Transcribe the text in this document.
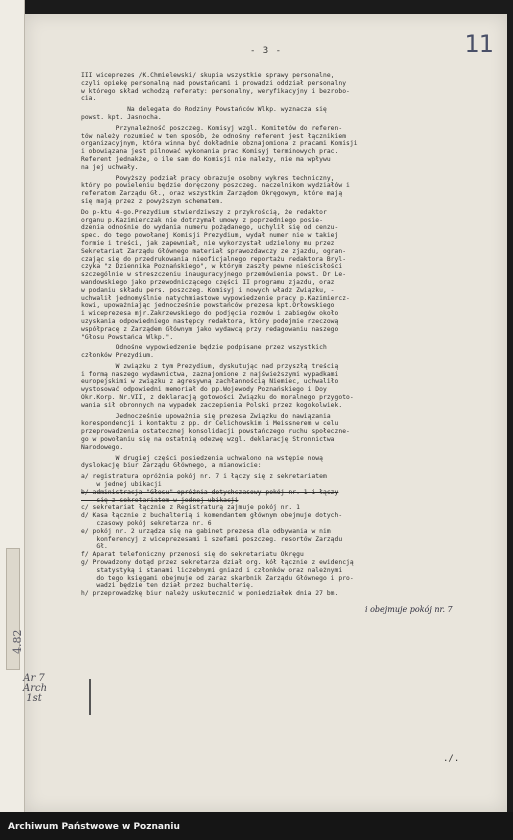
4.82
Ar 7 Arch 1st
11
- 3 -
III wiceprezes /K.Chmielewski/ skupia wszystkie sprawy personalne,
czyli opiekę personalną nad powstańcami i prowadzi oddział personalny
w którego skład wchodzą referaty: personalny, weryfikacyjny i bezrobo-
cia.
Na delegata do Rodziny Powstańców Wlkp. wyznacza się
powst. kpt. Jasnocha.
Przynależność poszczeg. Komisyj wzgl. Komitetów do referen-
tów należy rozumieć w ten sposób, że odnośny referent jest łącznikiem
organizacyjnym, która winna być dokładnie obznajomiona z pracami Komisji
i obowiązana jest pilnować wykonania prac Komisyj terminowych prac.
Referent jednakże, o ile sam do Komisji nie należy, nie ma wpływu
na jej uchwały.
Powyższy podział pracy obrazuje osobny wykres techniczny,
który po powieleniu będzie doręczony poszczeg. naczelnikom wydziałów i
referatom Zarządu Gł., oraz wszystkim Zarządom Okręgowym, które mają
się mają przez z powyższym schematem.
Do p-ktu 4-go.Prezydium stwierdziwszy z przykrością, że redaktor
organu p.Kazimierczak nie dotrzymał umowy z poprzedniego posie-
dzenia odnośnie do wydania numeru pożądanego, uchylił się od cenzu-
spec. do tego powołanej Komisji Prezydium, wydał numer nie w takiej
formie i treści, jak zapewniał, nie wykorzystał udzielony mu przez
Sekretariat Zarządu Głównego materiał sprawozdawczy ze zjazdu, ogran-
czając się do przedrukowania nieoficjalnego reportażu redaktora Bryl-
czyka "z Dziennika Poznańskiego", w którym zaszły pewne nieścisłości
szczególnie w streszczeniu inauguracyjnego przemówienia powst. Dr Le-
wandowskiego jako przewodniczącego części II programu zjazdu, oraz
w podaniu składu pers. poszczeg. Komisyj i nowych władz Związku, -
uchwalił jednomyślnie natychmiastowe wypowiedzenie pracy p.Kazimiercz-
kowi, upoważniając jednocześnie powstańców prezesa kpt.Orłowskiego
i wiceprezesa mjr.Zakrzewskiego do podjęcia rozmów i zabiegów około
uzyskania odpowiedniego następcy redaktora, który podejmie rzeczową
współpracę z Zarządem Głównym jako wydawcą przy redagowaniu naszego
"Głosu Powstańca Wlkp.".
Odnośne wypowiedzenie będzie podpisane przez wszystkich
członków Prezydium.
W związku z tym Prezydium, dyskutując nad przyszłą treścią
i formą naszego wydawnictwa, zaznajomione z najświeższymi wypadkami
europejskimi w związku z agresywną zachłannością Niemiec, uchwaliło
wystosować odpowiedni memoriał do pp.Wojewody Poznańskiego i Doy
Okr.Korp. Nr.VII, z deklaracją gotowości Związku do moralnego przygoto-
wania sił obronnych na wypadek zaczepienia Polski przez kogokolwiek.
Jednocześnie upoważnia się prezesa Związku do nawiązania
korespondencji i kontaktu z pp. dr Celichowskim i Meissnerem w celu
przeprowadzenia ostatecznej konsolidacji powstańczego ruchu społeczne-
go w powołaniu się na ostatnią odezwę wzgl. deklarację Stronnictwa
Narodowego.
W drugiej części posiedzenia uchwalono na wstępie nową
dyslokację biur Zarządu Głównego, a mianowicie:
a/ registratura opróżnia pokój nr. 7 i łączy się z sekretariatem
w jednej ubikacji
b/ administracja "Głosu" opróżnia dotychczasowy pokój nr. 1 i łączy
się z sekretariatem w jednej ubikacji
c/ sekretariat łącznie z Registraturą zajmuje pokój nr. 1
d/ Kasa łącznie z buchalterią i komendantem głównym obejmuje dotych-
czasowy pokój sekretarza nr. 6
e/ pokój nr. 2 urządza się na gabinet prezesa dla odbywania w nim
konferencyj z wiceprezesami i szefami poszczeg. resortów Zarządu
Gł.
f/ Aparat telefoniczny przenosi się do sekretariatu Okręgu
g/ Prowadzony dotąd przez sekretarza dział org. kół łącznie z ewidencją
statystyką i stanami liczebnymi gniazd i członków oraz należnymi
do tego księgami obejmuje od zaraz skarbnik Zarządu Głównego i pro-
wadzi będzie ten dział przez buchalterię.
h/ przeprowadzkę biur należy uskutecznić w poniedziałek dnia 27 bm.
i obejmuje pokój nr. 7
./.
Archiwum Państwowe w Poznaniu
